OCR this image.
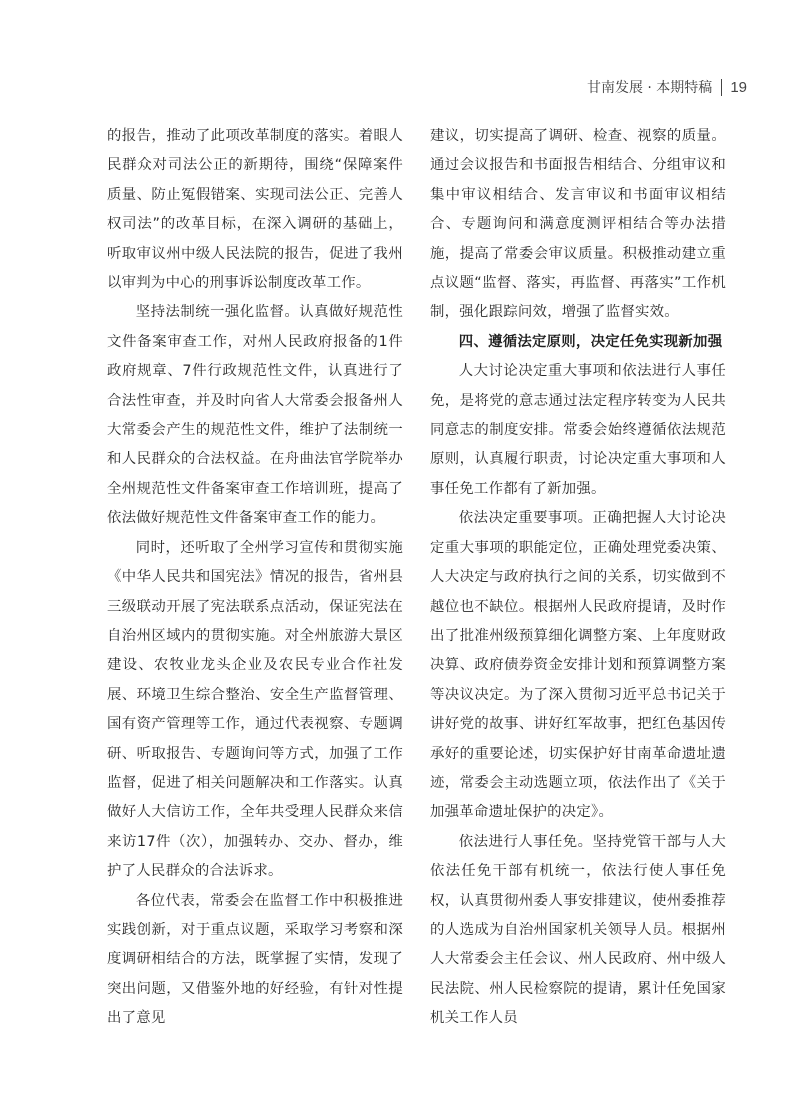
甘南发展 · 本期特稿 19

的报告，推动了此项改革制度的落实。着眼人民群众对司法公正的新期待，围绕“保障案件质量、防止冤假错案、实现司法公正、完善人权司法”的改革目标，在深入调研的基础上，听取审议州中级人民法院的报告，促进了我州以审判为中心的刑事诉讼制度改革工作。

坚持法制统一强化监督。认真做好规范性文件备案审查工作，对州人民政府报备的1件政府规章、7件行政规范性文件，认真进行了合法性审查，并及时向省人大常委会报备州人大常委会产生的规范性文件，维护了法制统一和人民群众的合法权益。在舟曲法官学院举办全州规范性文件备案审查工作培训班，提高了依法做好规范性文件备案审查工作的能力。

同时，还听取了全州学习宣传和贯彻实施《中华人民共和国宪法》情况的报告，省州县三级联动开展了宪法联系点活动，保证宪法在自治州区域内的贯彻实施。对全州旅游大景区建设、农牧业龙头企业及农民专业合作社发展、环境卫生综合整治、安全生产监督管理、国有资产管理等工作，通过代表视察、专题调研、听取报告、专题询问等方式，加强了工作监督，促进了相关问题解决和工作落实。认真做好人大信访工作，全年共受理人民群众来信来访17件（次），加强转办、交办、督办，维护了人民群众的合法诉求。

各位代表，常委会在监督工作中积极推进实践创新，对于重点议题，采取学习考察和深度调研相结合的方法，既掌握了实情，发现了突出问题，又借鉴外地的好经验，有针对性提出了意见

建议，切实提高了调研、检查、视察的质量。通过会议报告和书面报告相结合、分组审议和集中审议相结合、发言审议和书面审议相结合、专题询问和满意度测评相结合等办法措施，提高了常委会审议质量。积极推动建立重点议题“监督、落实，再监督、再落实”工作机制，强化跟踪问效，增强了监督实效。

四、遵循法定原则，决定任免实现新加强

人大讨论决定重大事项和依法进行人事任免，是将党的意志通过法定程序转变为人民共同意志的制度安排。常委会始终遵循依法规范原则，认真履行职责，讨论决定重大事项和人事任免工作都有了新加强。

依法决定重要事项。正确把握人大讨论决定重大事项的职能定位，正确处理党委决策、人大决定与政府执行之间的关系，切实做到不越位也不缺位。根据州人民政府提请，及时作出了批准州级预算细化调整方案、上年度财政决算、政府债券资金安排计划和预算调整方案等决议决定。为了深入贯彻习近平总书记关于讲好党的故事、讲好红军故事，把红色基因传承好的重要论述，切实保护好甘南革命遗址遗迹，常委会主动选题立项，依法作出了《关于加强革命遗址保护的决定》。

依法进行人事任免。坚持党管干部与人大依法任免干部有机统一，依法行使人事任免权，认真贯彻州委人事安排建议，使州委推荐的人选成为自治州国家机关领导人员。根据州人大常委会主任会议、州人民政府、州中级人民法院、州人民检察院的提请，累计任免国家机关工作人员
